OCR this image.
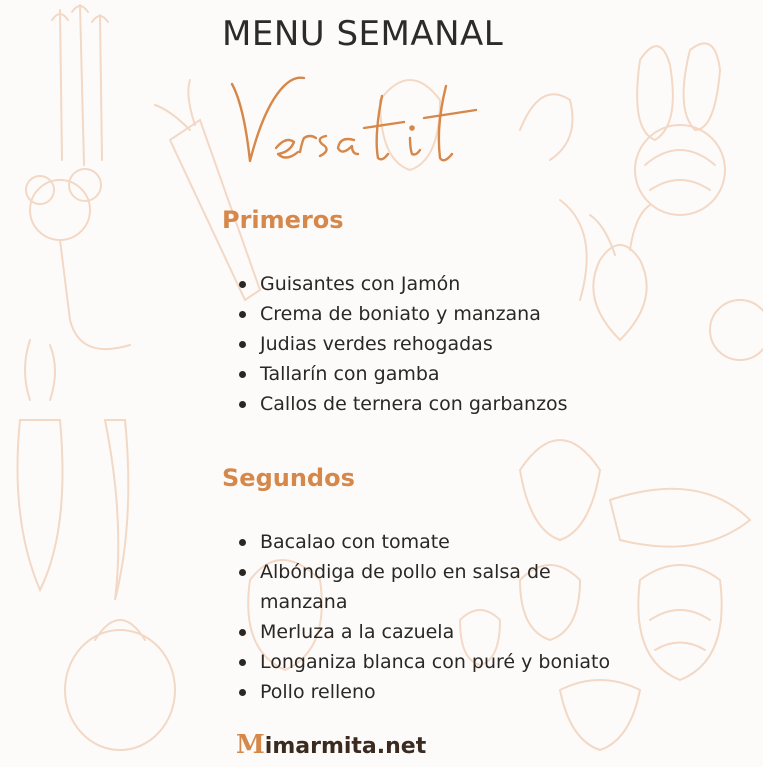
MENU SEMANAL
Primeros
Guisantes con Jamón
Crema de boniato y manzana
Judias verdes rehogadas
Tallarín con gamba
Callos de ternera con garbanzos
Segundos
Bacalao con tomate
Albóndiga de pollo en salsa de manzana
Merluza a la cazuela
Longaniza blanca con puré y boniato
Pollo relleno
Mimarmita.net
